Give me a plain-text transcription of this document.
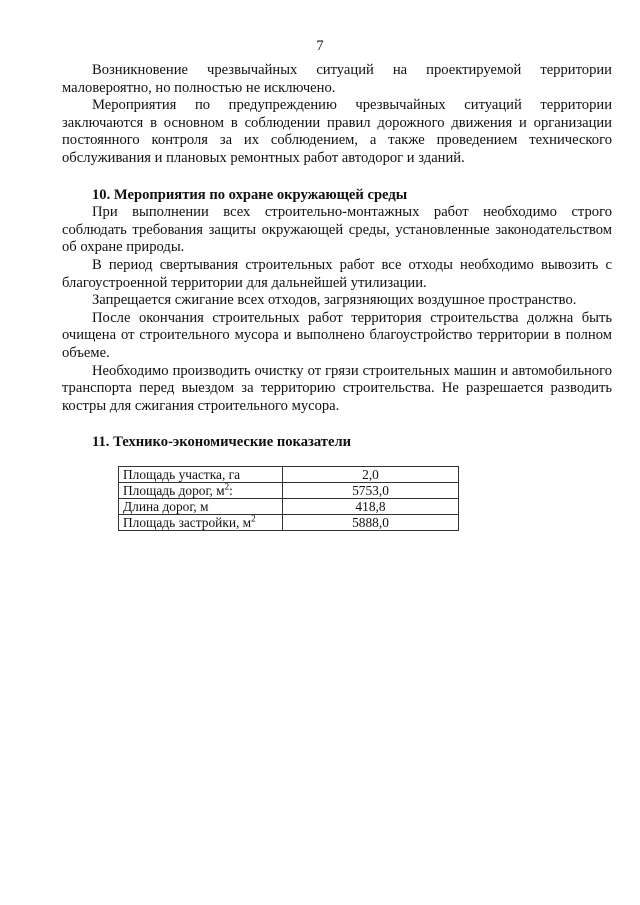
7

Возникновение чрезвычайных ситуаций на проектируемой территории маловероятно, но полностью не исключено.

Мероприятия по предупреждению чрезвычайных ситуаций территории заключаются в основном в соблюдении правил дорожного движения и организации постоянного контроля за их соблюдением, а также проведением технического обслуживания и плановых ремонтных работ автодорог и зданий.

10. Мероприятия по охране окружающей среды

При выполнении всех строительно-монтажных работ необходимо строго соблюдать требования защиты окружающей среды, установленные законодательством об охране природы.

В период свертывания строительных работ все отходы необходимо вывозить с благоустроенной территории для дальнейшей утилизации.

Запрещается сжигание всех отходов, загрязняющих воздушное пространство.

После окончания строительных работ территория строительства должна быть очищена от строительного мусора и выполнено благоустройство территории в полном объеме.

Необходимо производить очистку от грязи строительных машин и автомобильного транспорта перед выездом за территорию строительства. Не разрешается разводить костры для сжигания строительного мусора.

11. Технико-экономические показатели

Площадь участка, га	2,0
Площадь дорог, $м^2$:	5753,0
Длина дорог, м	418,8
Площадь застройки, $м^2$	5888,0
